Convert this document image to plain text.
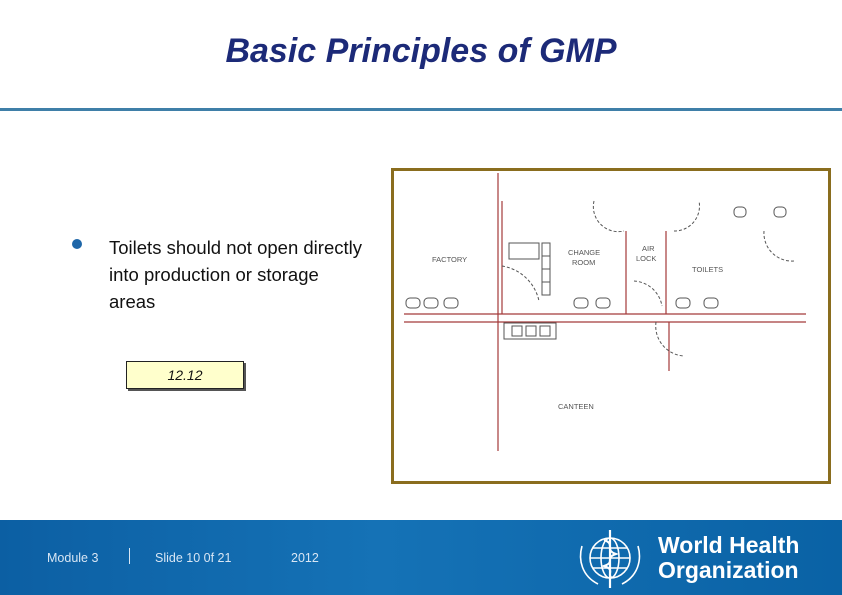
Basic Principles of GMP
Toilets should not open directly into production or storage areas
12.12
FACTORY
CHANGE
ROOM
AIR
LOCK
TOILETS
CANTEEN
Module 3	Slide 10 0f 21	2012	World Health
Organization
